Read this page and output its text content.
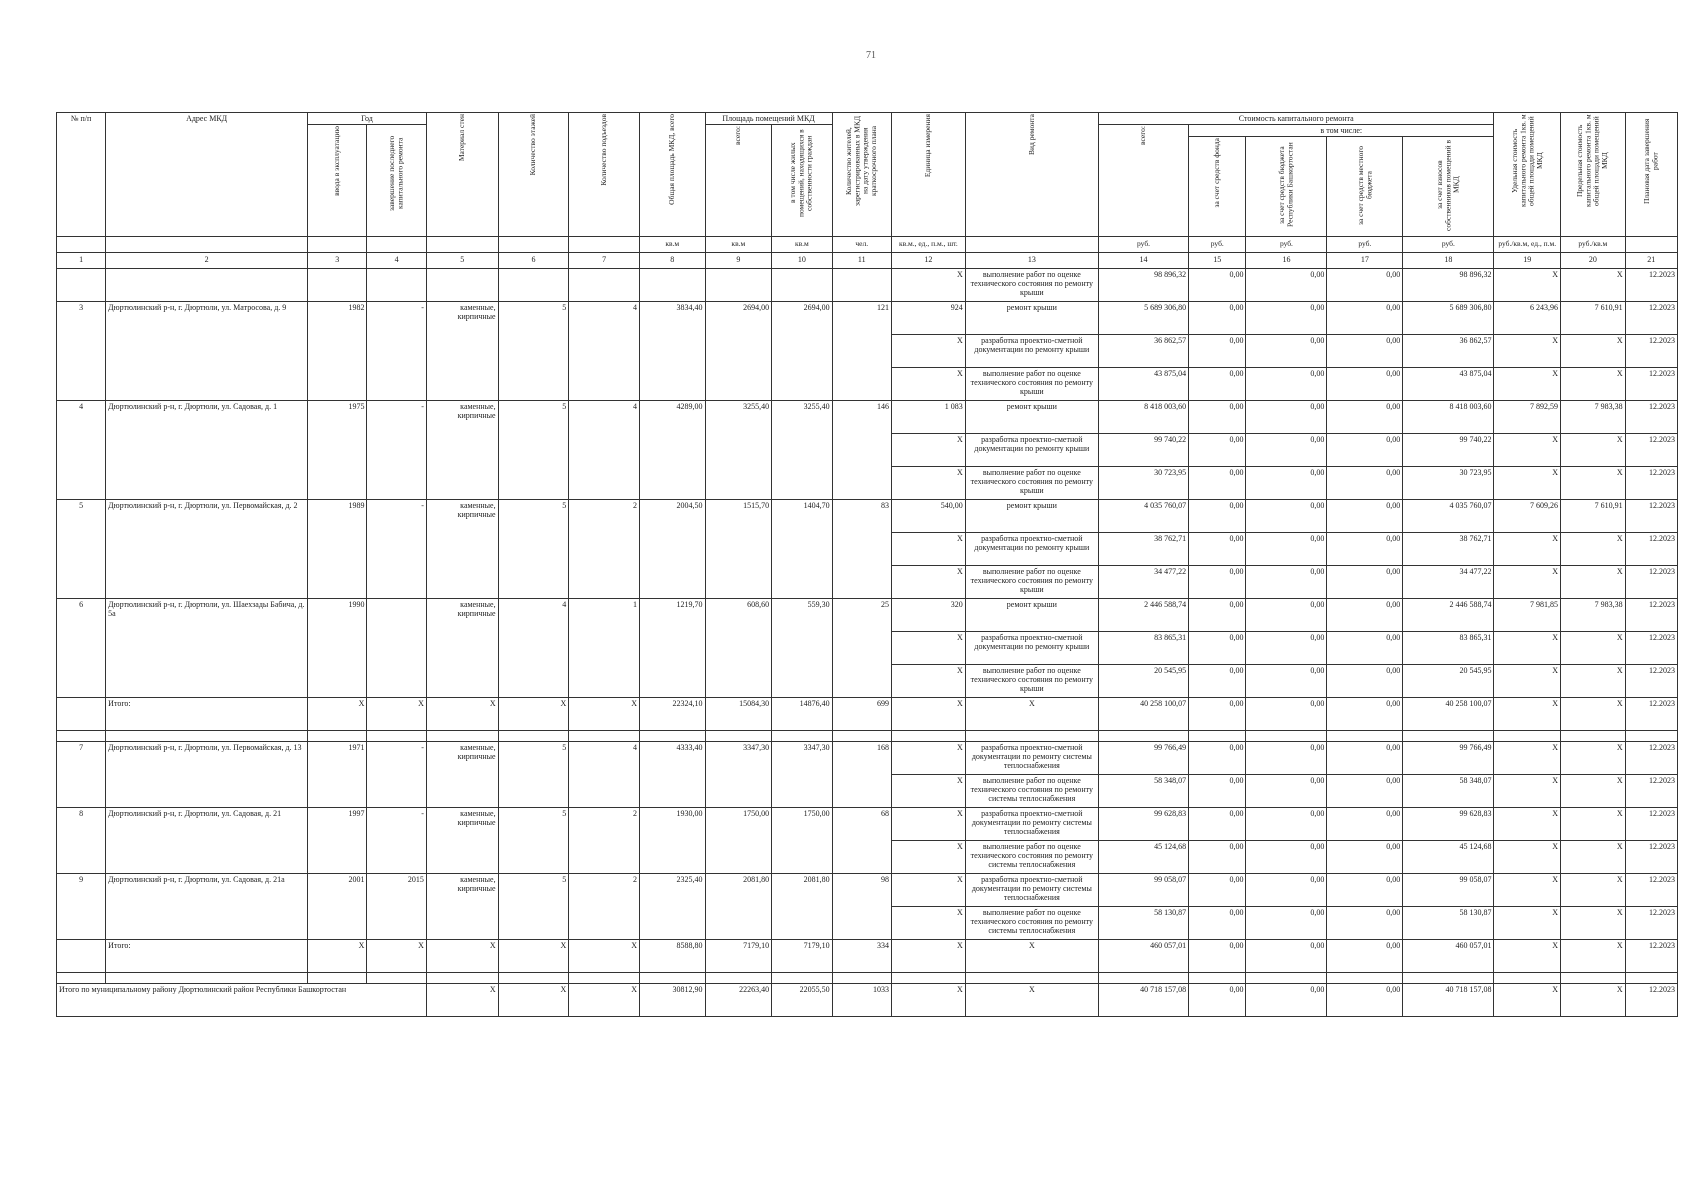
71
№ п/п	Адрес МКД	Год		Материал стен	Количество этажей	Количество подъездов	Общая площадь МКД, всего	Площадь помещений МКД		Количество жителей, зарегистрированных в МКД на дату утверждения краткосрочного плана	Единица измерения	Вид ремонта	Стоимость капитального ремонта					Удельная стоимость капитального ремонта 1кв. м общей площади помещений МКД	Предельная стоимость капитального ремонта 1кв. м общей площади помещений МКД	Плановая дата завершения работ
		ввода в эксплуатацию	завершение последнего капитального ремонта					всего:	в том числе жилых помещений, находящихся в собственности граждан				всего:	в том числе:						
														за счет средств фонда	за счет средств бюджета Республики Башкортостан	за счет средств местного бюджета	за счет взносов собственников помещений в МКД			
							кв.м	кв.м	кв.м	чел.	кв.м., ед., п.м., шт.		руб.	руб.	руб.	руб.	руб.	руб./кв.м, ед., п.м.	руб./кв.м	
1	2	3	4	5	6	7	8	9	10	11	12	13	14	15	16	17	18	19	20	21
											X	выполнение работ по оценке технического состояния по ремонту крыши	98 896,32	0,00	0,00	0,00	98 896,32	X	X	12.2023
3	Дюртюлинский р-н, г. Дюртюли, ул. Матросова, д. 9	1982	-	каменные, кирпичные	5	4	3834,40	2694,00	2694,00	121	924	ремонт крыши	5 689 306,80	0,00	0,00	0,00	5 689 306,80	6 243,96	7 610,91	12.2023
											X	разработка проектно-сметной документации по ремонту крыши	36 862,57	0,00	0,00	0,00	36 862,57	X	X	12.2023
											X	выполнение работ по оценке технического состояния по ремонту крыши	43 875,04	0,00	0,00	0,00	43 875,04	X	X	12.2023
4	Дюртюлинский р-н, г. Дюртюли, ул. Садовая, д. 1	1975	-	каменные, кирпичные	5	4	4289,00	3255,40	3255,40	146	1 083	ремонт крыши	8 418 003,60	0,00	0,00	0,00	8 418 003,60	7 892,59	7 983,38	12.2023
											X	разработка проектно-сметной документации по ремонту крыши	99 740,22	0,00	0,00	0,00	99 740,22	X	X	12.2023
											X	выполнение работ по оценке технического состояния по ремонту крыши	30 723,95	0,00	0,00	0,00	30 723,95	X	X	12.2023
5	Дюртюлинский р-н, г. Дюртюли, ул. Первомайская, д. 2	1989	-	каменные, кирпичные	5	2	2004,50	1515,70	1404,70	83	540,00	ремонт крыши	4 035 760,07	0,00	0,00	0,00	4 035 760,07	7 609,26	7 610,91	12.2023
											X	разработка проектно-сметной документации по ремонту крыши	38 762,71	0,00	0,00	0,00	38 762,71	X	X	12.2023
											X	выполнение работ по оценке технического состояния по ремонту крыши	34 477,22	0,00	0,00	0,00	34 477,22	X	X	12.2023
6	Дюртюлинский р-н, г. Дюртюли, ул. Шаехзады Бабича, д. 5а	1990		каменные, кирпичные	4	1	1219,70	608,60	559,30	25	320	ремонт крыши	2 446 588,74	0,00	0,00	0,00	2 446 588,74	7 981,85	7 983,38	12.2023
											X	разработка проектно-сметной документации по ремонту крыши	83 865,31	0,00	0,00	0,00	83 865,31	X	X	12.2023
											X	выполнение работ по оценке технического состояния по ремонту крыши	20 545,95	0,00	0,00	0,00	20 545,95	X	X	12.2023
	Итого:	X	X	X	X	X	22324,10	15084,30	14876,40	699	X	X	40 258 100,07	0,00	0,00	0,00	40 258 100,07	X	X	12.2023

7	Дюртюлинский р-н, г. Дюртюли, ул. Первомайская, д. 13	1971	-	каменные, кирпичные	5	4	4333,40	3347,30	3347,30	168	X	разработка проектно-сметной документации по ремонту системы теплоснабжения	99 766,49	0,00	0,00	0,00	99 766,49	X	X	12.2023
											X	выполнение работ по оценке технического состояния по ремонту системы теплоснабжения	58 348,07	0,00	0,00	0,00	58 348,07	X	X	12.2023
8	Дюртюлинский р-н, г. Дюртюли, ул. Садовая, д. 21	1997	-	каменные, кирпичные	5	2	1930,00	1750,00	1750,00	68	X	разработка проектно-сметной документации по ремонту системы теплоснабжения	99 628,83	0,00	0,00	0,00	99 628,83	X	X	12.2023
											X	выполнение работ по оценке технического состояния по ремонту системы теплоснабжения	45 124,68	0,00	0,00	0,00	45 124,68	X	X	12.2023
9	Дюртюлинский р-н, г. Дюртюли, ул. Садовая, д. 21а	2001	2015	каменные, кирпичные	5	2	2325,40	2081,80	2081,80	98	X	разработка проектно-сметной документации по ремонту системы теплоснабжения	99 058,07	0,00	0,00	0,00	99 058,07	X	X	12.2023
											X	выполнение работ по оценке технического состояния по ремонту системы теплоснабжения	58 130,87	0,00	0,00	0,00	58 130,87	X	X	12.2023
	Итого:	X	X	X	X	X	8588,80	7179,10	7179,10	334	X	X	460 057,01	0,00	0,00	0,00	460 057,01	X	X	12.2023

Итого по муниципальному району Дюртюлинский район Республики Башкортостан				X	X	X	30812,90	22263,40	22055,50	1033	X	X	40 718 157,08	0,00	0,00	0,00	40 718 157,08	X	X	12.2023
